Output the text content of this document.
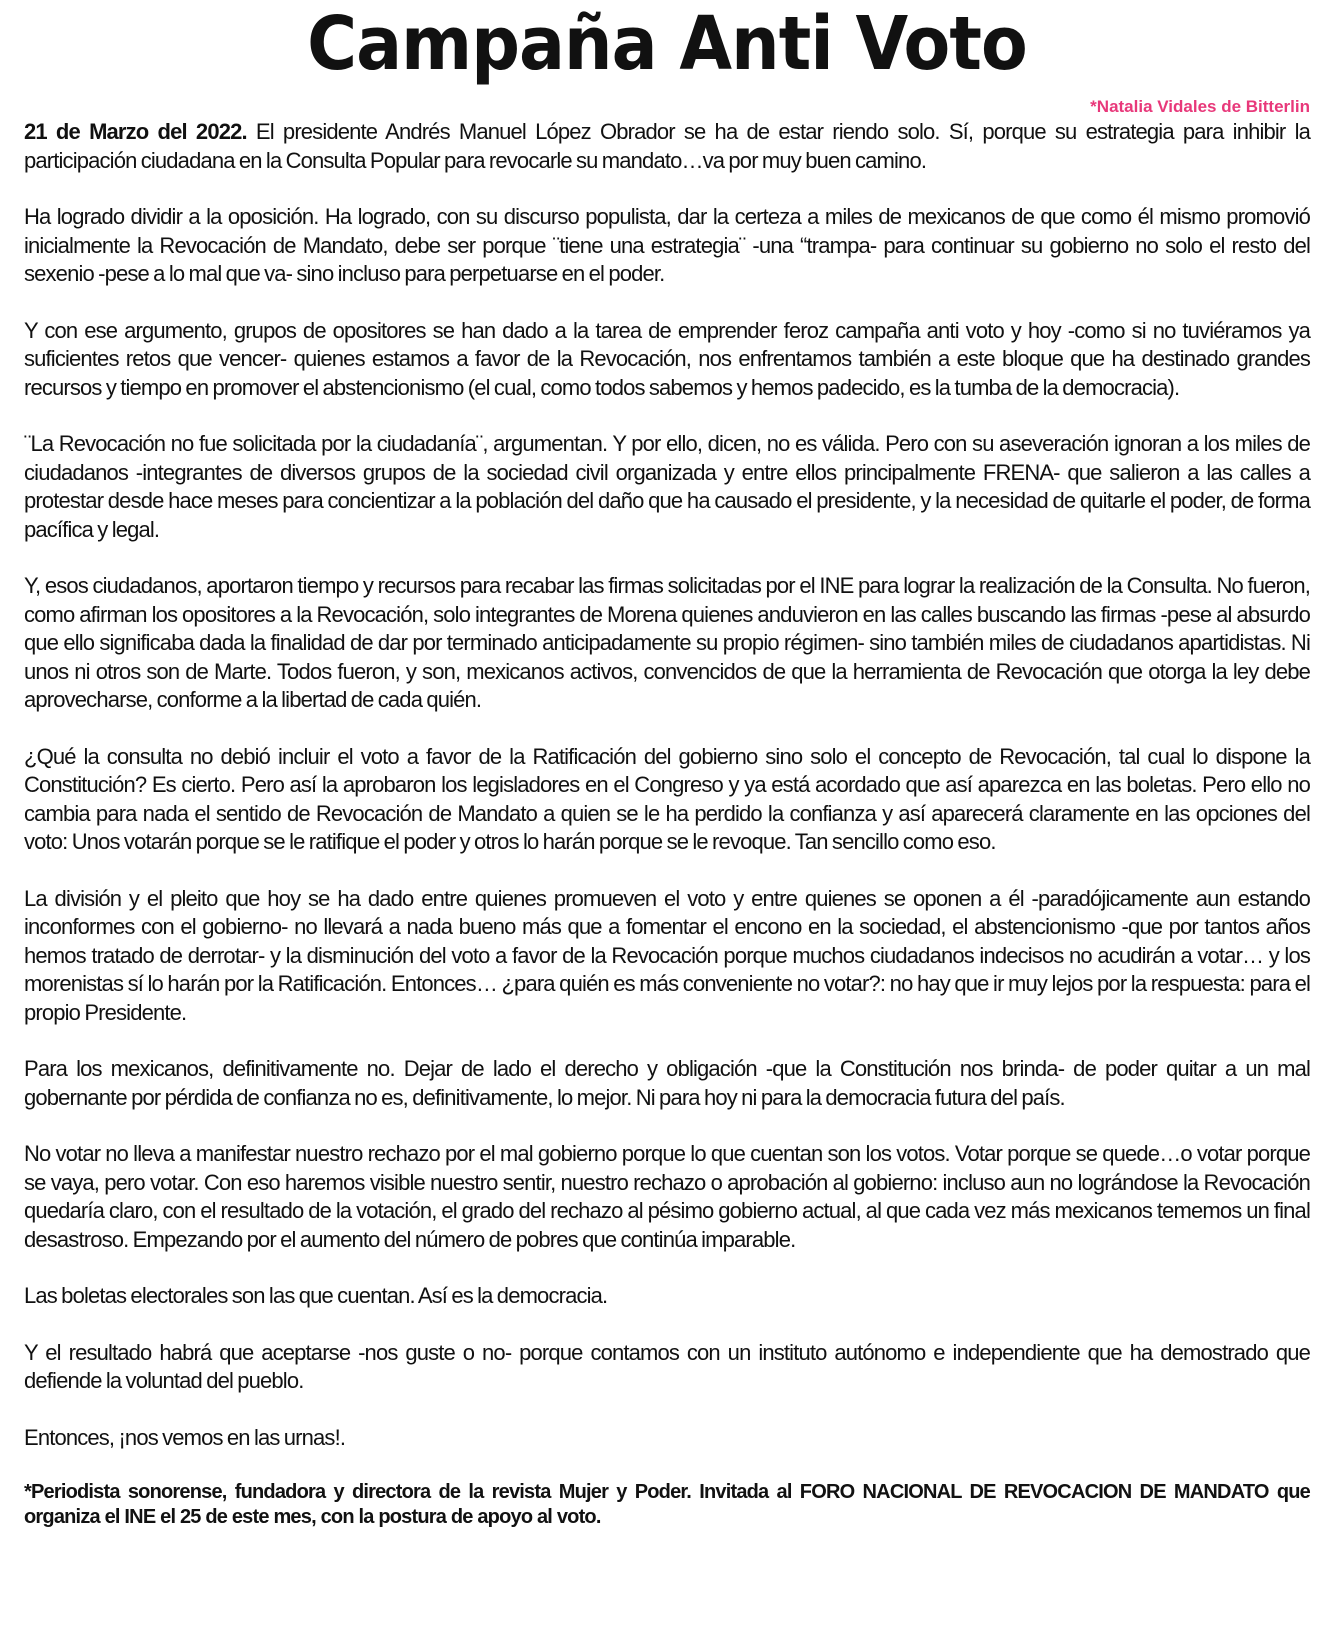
Campaña Anti Voto
*Natalia Vidales de Bitterlin

21 de Marzo del 2022. El presidente Andrés Manuel López Obrador se ha de estar riendo solo. Sí, porque su estrategia para inhibir la participación ciudadana en la Consulta Popular para revocarle su mandato…va por muy buen camino.

Ha logrado dividir a la oposición. Ha logrado, con su discurso populista, dar la certeza a miles de mexicanos de que como él mismo promovió inicialmente la Revocación de Mandato, debe ser porque ¨tiene una estrategia¨ -una “trampa- para continuar su gobierno no solo el resto del sexenio -pese a lo mal que va- sino incluso para perpetuarse en el poder.

Y con ese argumento, grupos de opositores se han dado a la tarea de emprender feroz campaña anti voto y hoy -como si no tuviéramos ya suficientes retos que vencer- quienes estamos a favor de la Revocación, nos enfrentamos también a este bloque que ha destinado grandes recursos y tiempo en promover el abstencionismo (el cual, como todos sabemos y hemos padecido, es la tumba de la democracia).

¨La Revocación no fue solicitada por la ciudadanía¨, argumentan. Y por ello, dicen, no es válida. Pero con su aseveración ignoran a los miles de ciudadanos -integrantes de diversos grupos de la sociedad civil organizada y entre ellos principalmente FRENA- que salieron a las calles a protestar desde hace meses para concientizar a la población del daño que ha causado el presidente, y la necesidad de quitarle el poder, de forma pacífica y legal.

Y, esos ciudadanos, aportaron tiempo y recursos para recabar las firmas solicitadas por el INE para lograr la realización de la Consulta. No fueron, como afirman los opositores a la Revocación, solo integrantes de Morena quienes anduvieron en las calles buscando las firmas -pese al absurdo que ello significaba dada la finalidad de dar por terminado anticipadamente su propio régimen- sino también miles de ciudadanos apartidistas. Ni unos ni otros son de Marte. Todos fueron, y son, mexicanos activos, convencidos de que la herramienta de Revocación que otorga la ley debe aprovecharse, conforme a la libertad de cada quién.

¿Qué la consulta no debió incluir el voto a favor de la Ratificación del gobierno sino solo el concepto de Revocación, tal cual lo dispone la Constitución? Es cierto. Pero así la aprobaron los legisladores en el Congreso y ya está acordado que así aparezca en las boletas. Pero ello no cambia para nada el sentido de Revocación de Mandato a quien se le ha perdido la confianza y así aparecerá claramente en las opciones del voto: Unos votarán porque se le ratifique el poder y otros lo harán porque se le revoque. Tan sencillo como eso.

La división y el pleito que hoy se ha dado entre quienes promueven el voto y entre quienes se oponen a él -paradójicamente aun estando inconformes con el gobierno- no llevará a nada bueno más que a fomentar el encono en la sociedad, el abstencionismo -que por tantos años hemos tratado de derrotar- y la disminución del voto a favor de la Revocación porque muchos ciudadanos indecisos no acudirán a votar… y los morenistas sí lo harán por la Ratificación. Entonces… ¿para quién es más conveniente no votar?: no hay que ir muy lejos por la respuesta: para el propio Presidente.

Para los mexicanos, definitivamente no. Dejar de lado el derecho y obligación -que la Constitución nos brinda- de poder quitar a un mal gobernante por pérdida de confianza no es, definitivamente, lo mejor. Ni para hoy ni para la democracia futura del país.

No votar no lleva a manifestar nuestro rechazo por el mal gobierno porque lo que cuentan son los votos. Votar porque se quede…o votar porque se vaya, pero votar. Con eso haremos visible nuestro sentir, nuestro rechazo o aprobación al gobierno: incluso aun no lográndose la Revocación quedaría claro, con el resultado de la votación, el grado del rechazo al pésimo gobierno actual, al que cada vez más mexicanos tememos un final desastroso. Empezando por el aumento del número de pobres que continúa imparable.

Las boletas electorales son las que cuentan. Así es la democracia.

Y el resultado habrá que aceptarse -nos guste o no- porque contamos con un instituto autónomo e independiente que ha demostrado que defiende la voluntad del pueblo.

Entonces, ¡nos vemos en las urnas!.

*Periodista sonorense, fundadora y directora de la revista Mujer y Poder. Invitada al FORO NACIONAL DE REVOCACION DE MANDATO que organiza el INE el 25 de este mes, con la postura de apoyo al voto.
